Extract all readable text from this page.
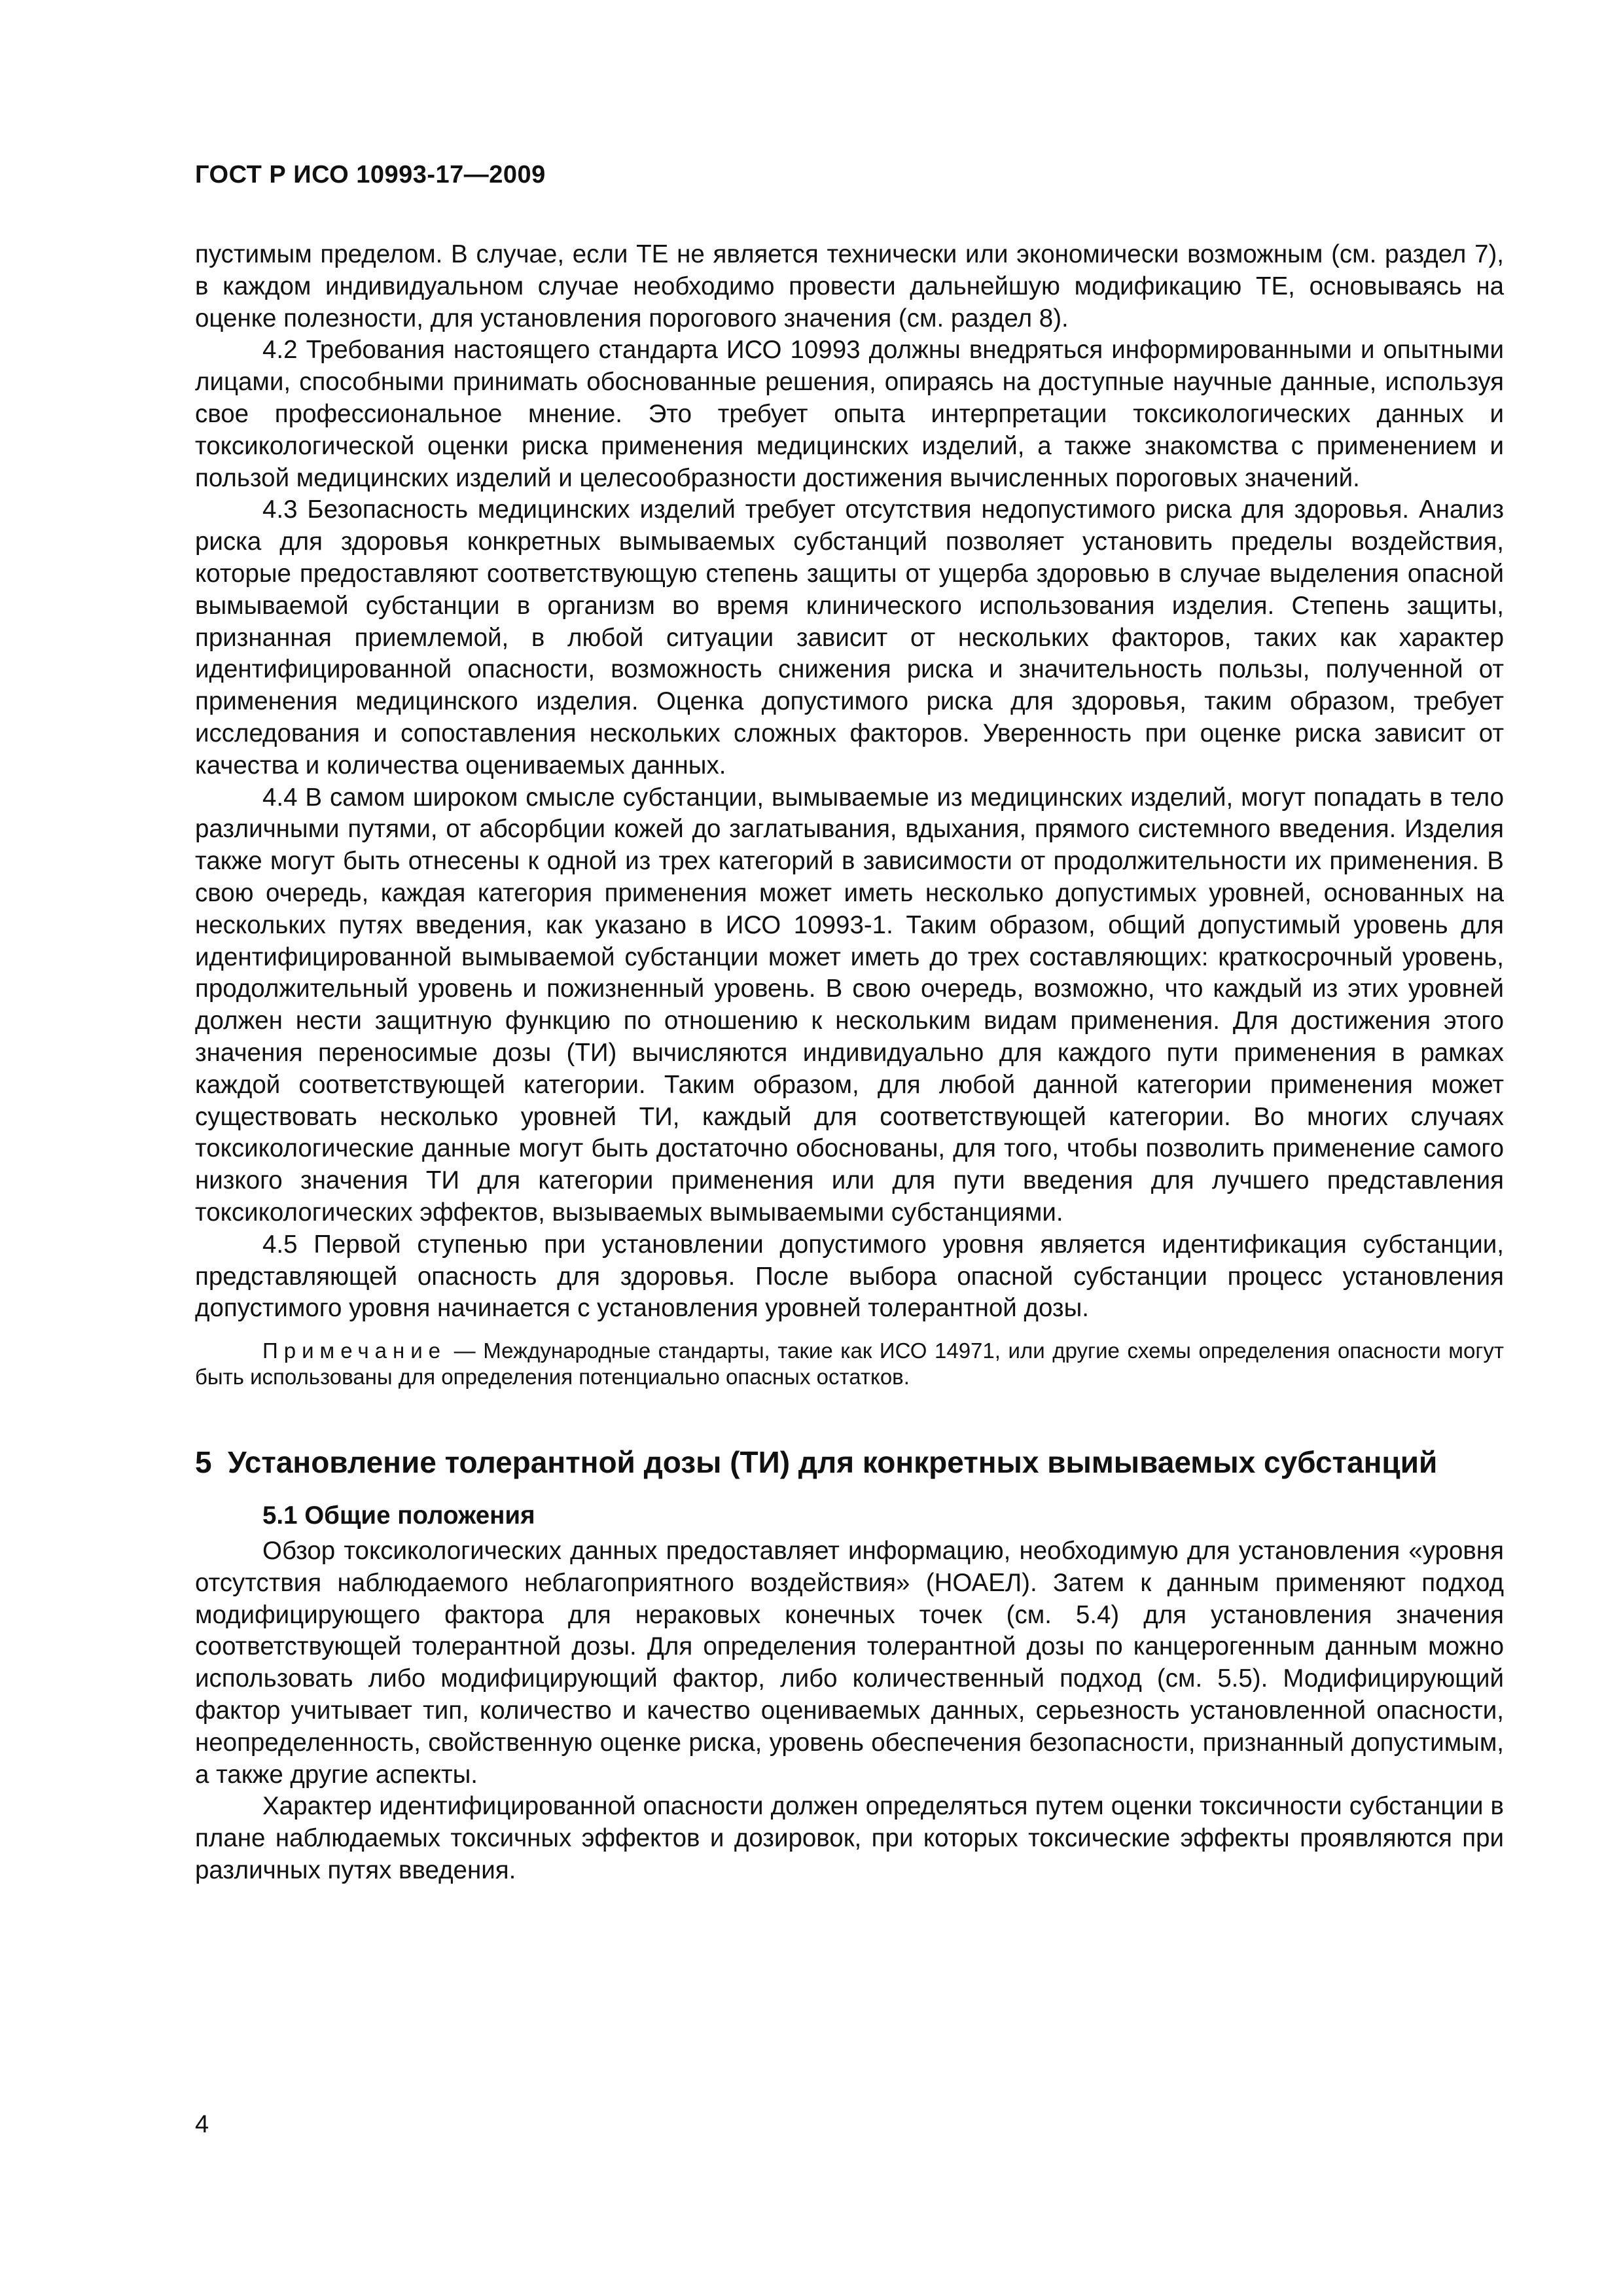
ГОСТ Р ИСО 10993-17—2009

пустимым пределом. В случае, если ТЕ не является технически или экономически возможным (см. раздел 7), в каждом индивидуальном случае необходимо провести дальнейшую модификацию ТЕ, основываясь на оценке полезности, для установления порогового значения (см. раздел 8).

4.2 Требования настоящего стандарта ИСО 10993 должны внедряться информированными и опытными лицами, способными принимать обоснованные решения, опираясь на доступные научные данные, используя свое профессиональное мнение. Это требует опыта интерпретации токсикологических данных и токсикологической оценки риска применения медицинских изделий, а также знакомства с применением и пользой медицинских изделий и целесообразности достижения вычисленных пороговых значений.

4.3 Безопасность медицинских изделий требует отсутствия недопустимого риска для здоровья. Анализ риска для здоровья конкретных вымываемых субстанций позволяет установить пределы воздействия, которые предоставляют соответствующую степень защиты от ущерба здоровью в случае выделения опасной вымываемой субстанции в организм во время клинического использования изделия. Степень защиты, признанная приемлемой, в любой ситуации зависит от нескольких факторов, таких как характер идентифицированной опасности, возможность снижения риска и значительность пользы, полученной от применения медицинского изделия. Оценка допустимого риска для здоровья, таким образом, требует исследования и сопоставления нескольких сложных факторов. Уверенность при оценке риска зависит от качества и количества оцениваемых данных.

4.4 В самом широком смысле субстанции, вымываемые из медицинских изделий, могут попадать в тело различными путями, от абсорбции кожей до заглатывания, вдыхания, прямого системного введения. Изделия также могут быть отнесены к одной из трех категорий в зависимости от продолжительности их применения. В свою очередь, каждая категория применения может иметь несколько допустимых уровней, основанных на нескольких путях введения, как указано в ИСО 10993-1. Таким образом, общий допустимый уровень для идентифицированной вымываемой субстанции может иметь до трех составляющих: краткосрочный уровень, продолжительный уровень и пожизненный уровень. В свою очередь, возможно, что каждый из этих уровней должен нести защитную функцию по отношению к нескольким видам применения. Для достижения этого значения переносимые дозы (ТИ) вычисляются индивидуально для каждого пути применения в рамках каждой соответствующей категории. Таким образом, для любой данной категории применения может существовать несколько уровней ТИ, каждый для соответствующей категории. Во многих случаях токсикологические данные могут быть достаточно обоснованы, для того, чтобы позволить применение самого низкого значения ТИ для категории применения или для пути введения для лучшего представления токсикологических эффектов, вызываемых вымываемыми субстанциями.

4.5 Первой ступенью при установлении допустимого уровня является идентификация субстанции, представляющей опасность для здоровья. После выбора опасной субстанции процесс установления допустимого уровня начинается с установления уровней толерантной дозы.

Примечание — Международные стандарты, такие как ИСО 14971, или другие схемы определения опасности могут быть использованы для определения потенциально опасных остатков.

5 Установление толерантной дозы (ТИ) для конкретных вымываемых субстанций
5.1 Общие положения

Обзор токсикологических данных предоставляет информацию, необходимую для установления «уровня отсутствия наблюдаемого неблагоприятного воздействия» (НОАЕЛ). Затем к данным применяют подход модифицирующего фактора для нераковых конечных точек (см. 5.4) для установления значения соответствующей толерантной дозы. Для определения толерантной дозы по канцерогенным данным можно использовать либо модифицирующий фактор, либо количественный подход (см. 5.5). Модифицирующий фактор учитывает тип, количество и качество оцениваемых данных, серьезность установленной опасности, неопределенность, свойственную оценке риска, уровень обеспечения безопасности, признанный допустимым, а также другие аспекты.

Характер идентифицированной опасности должен определяться путем оценки токсичности субстанции в плане наблюдаемых токсичных эффектов и дозировок, при которых токсические эффекты проявляются при различных путях введения.

4
